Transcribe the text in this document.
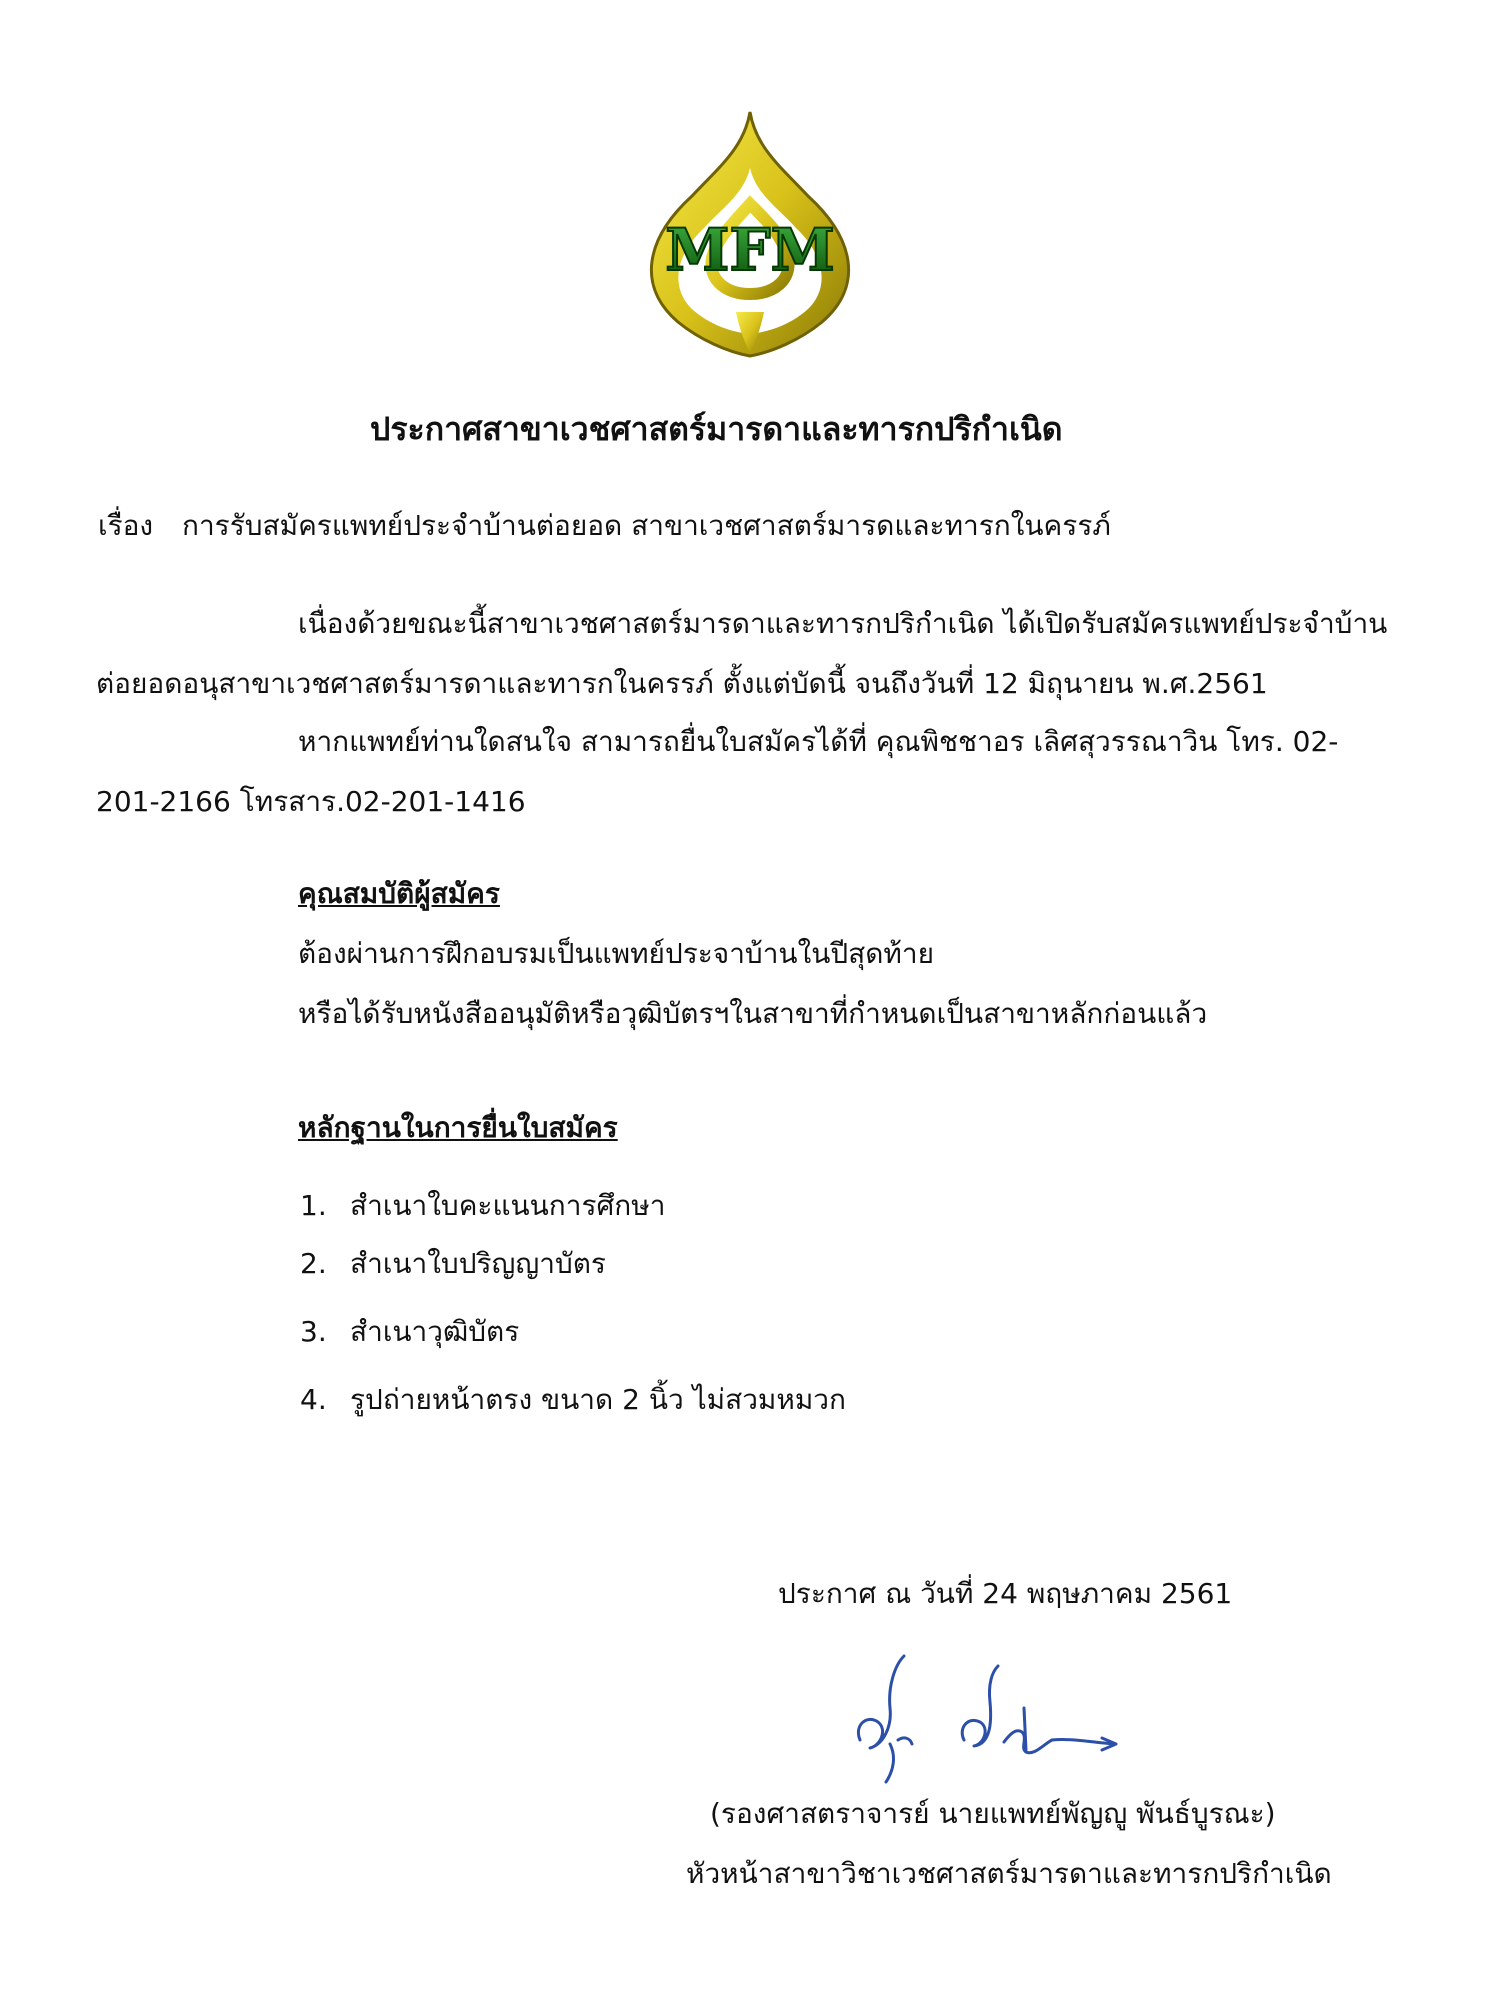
MFM
ประกาศสาขาเวชศาสตร์มารดาและทารกปริกำเนิด
เรื่อง การรับสมัครแพทย์ประจำบ้านต่อยอด สาขาเวชศาสตร์มารดและทารกในครรภ์
เนื่องด้วยขณะนี้สาขาเวชศาสตร์มารดาและทารกปริกำเนิด ได้เปิดรับสมัครแพทย์ประจำบ้าน
ต่อยอดอนุสาขาเวชศาสตร์มารดาและทารกในครรภ์ ตั้งแต่บัดนี้ จนถึงวันที่ 12 มิถุนายน พ.ศ.2561
หากแพทย์ท่านใดสนใจ สามารถยื่นใบสมัครได้ที่ คุณพิชชาอร เลิศสุวรรณาวิน โทร. 02-
201-2166 โทรสาร.02-201-1416
คุณสมบัติผู้สมัคร
ต้องผ่านการฝึกอบรมเป็นแพทย์ประจาบ้านในปีสุดท้าย
หรือได้รับหนังสืออนุมัติหรือวุฒิบัตรฯในสาขาที่กำหนดเป็นสาขาหลักก่อนแล้ว
หลักฐานในการยื่นใบสมัคร
1. สำเนาใบคะแนนการศึกษา
2. สำเนาใบปริญญาบัตร
3. สำเนาวุฒิบัตร
4. รูปถ่ายหน้าตรง ขนาด 2 นิ้ว ไม่สวมหมวก
ประกาศ ณ วันที่ 24 พฤษภาคม 2561
(รองศาสตราจารย์ นายแพทย์พัญญู พันธ์บูรณะ)
หัวหน้าสาขาวิชาเวชศาสตร์มารดาและทารกปริกำเนิด
